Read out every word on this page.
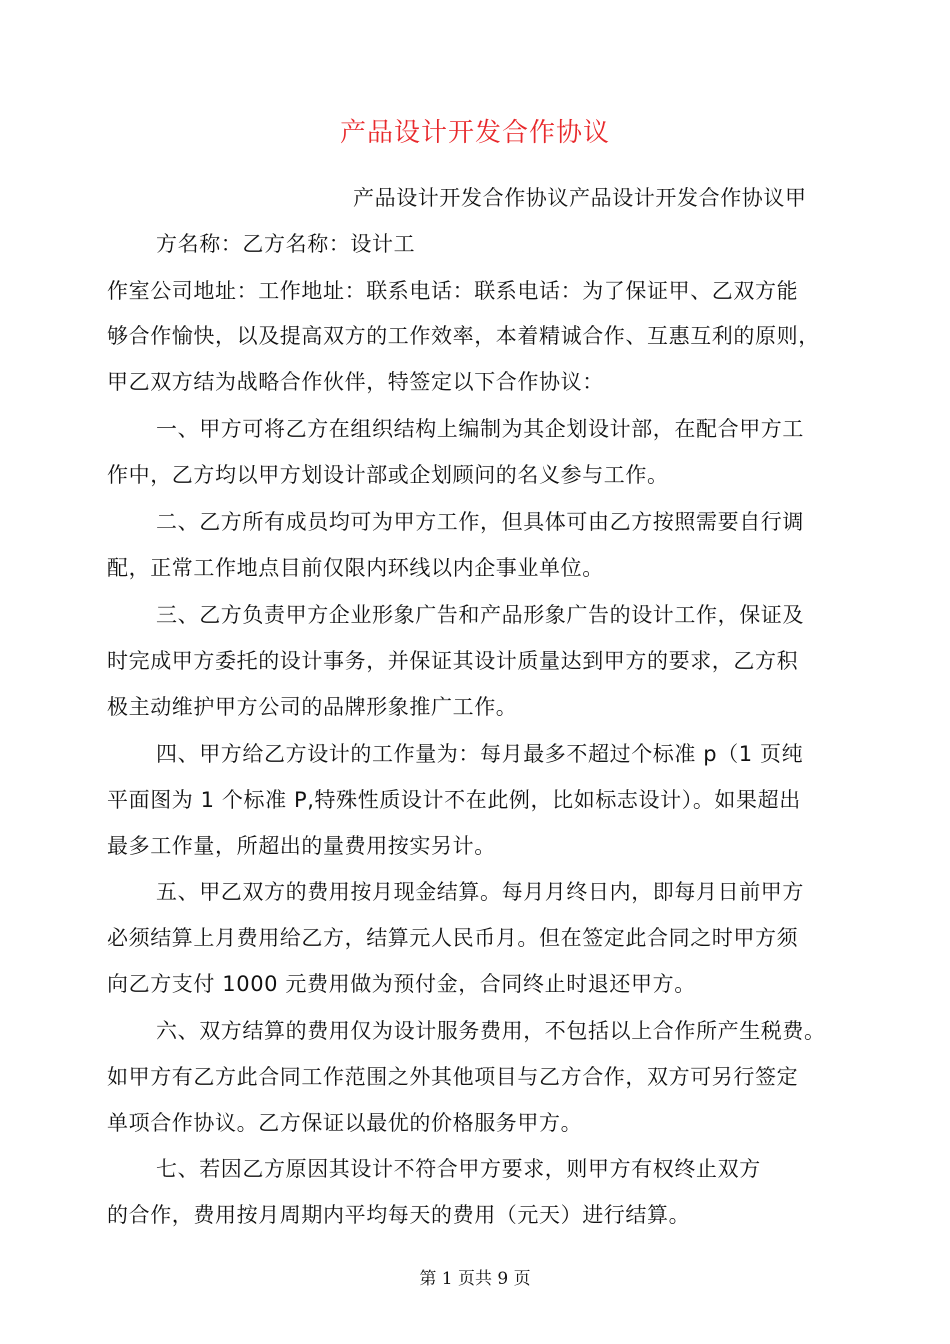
产品设计开发合作协议
产品设计开发合作协议产品设计开发合作协议甲
方名称：乙方名称：设计工
作室公司地址：工作地址：联系电话：联系电话：为了保证甲、乙双方能
够合作愉快，以及提高双方的工作效率，本着精诚合作、互惠互利的原则，
甲乙双方结为战略合作伙伴，特签定以下合作协议：
一、甲方可将乙方在组织结构上编制为其企划设计部，在配合甲方工
作中，乙方均以甲方划设计部或企划顾问的名义参与工作。
二、乙方所有成员均可为甲方工作，但具体可由乙方按照需要自行调
配，正常工作地点目前仅限内环线以内企事业单位。
三、乙方负责甲方企业形象广告和产品形象广告的设计工作，保证及
时完成甲方委托的设计事务，并保证其设计质量达到甲方的要求，乙方积
极主动维护甲方公司的品牌形象推广工作。
四、甲方给乙方设计的工作量为：每月最多不超过个标准 p（1 页纯
平面图为 1 个标准 P,特殊性质设计不在此例，比如标志设计）。如果超出
最多工作量，所超出的量费用按实另计。
五、甲乙双方的费用按月现金结算。每月月终日内，即每月日前甲方
必须结算上月费用给乙方，结算元人民币月。但在签定此合同之时甲方须
向乙方支付 1000 元费用做为预付金，合同终止时退还甲方。
六、双方结算的费用仅为设计服务费用，不包括以上合作所产生税费。
如甲方有乙方此合同工作范围之外其他项目与乙方合作，双方可另行签定
单项合作协议。乙方保证以最优的价格服务甲方。
七、若因乙方原因其设计不符合甲方要求，则甲方有权终止双方
的合作，费用按月周期内平均每天的费用（元天）进行结算。
第 1 页共 9 页
